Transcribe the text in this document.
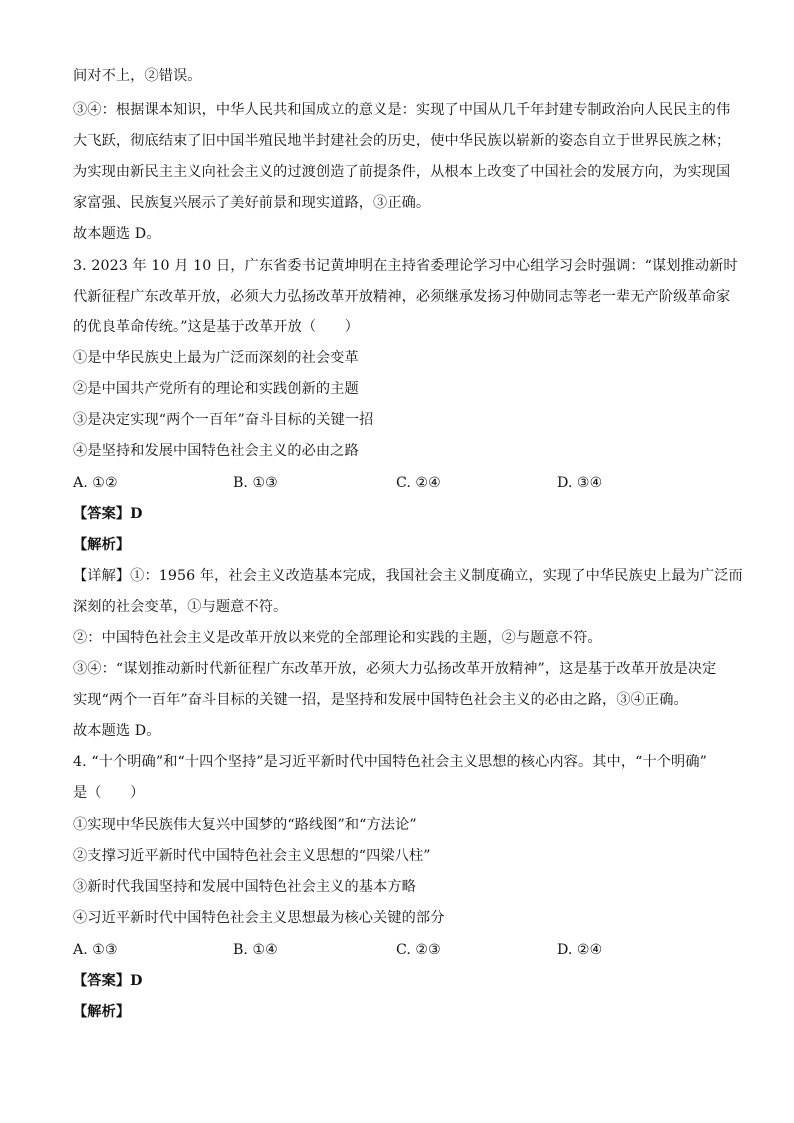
间对不上，②错误。
③④：根据课本知识，中华人民共和国成立的意义是：实现了中国从几千年封建专制政治向人民民主的伟
大飞跃，彻底结束了旧中国半殖民地半封建社会的历史，使中华民族以崭新的姿态自立于世界民族之林；
为实现由新民主主义向社会主义的过渡创造了前提条件，从根本上改变了中国社会的发展方向，为实现国
家富强、民族复兴展示了美好前景和现实道路，③正确。
故本题选 D。
3. 2023 年 10 月 10 日，广东省委书记黄坤明在主持省委理论学习中心组学习会时强调：“谋划推动新时
代新征程广东改革开放，必须大力弘扬改革开放精神，必须继承发扬习仲勋同志等老一辈无产阶级革命家
的优良革命传统。”这是基于改革开放（　　）
①是中华民族史上最为广泛而深刻的社会变革
②是中国共产党所有的理论和实践创新的主题
③是决定实现“两个一百年”奋斗目标的关键一招
④是坚持和发展中国特色社会主义的必由之路
A. ①②	B. ①③	C. ②④	D. ③④
【答案】D
【解析】
【详解】①：1956 年，社会主义改造基本完成，我国社会主义制度确立，实现了中华民族史上最为广泛而
深刻的社会变革，①与题意不符。
②：中国特色社会主义是改革开放以来党的全部理论和实践的主题，②与题意不符。
③④：“谋划推动新时代新征程广东改革开放，必须大力弘扬改革开放精神”，这是基于改革开放是决定
实现“两个一百年”奋斗目标的关键一招，是坚持和发展中国特色社会主义的必由之路，③④正确。
故本题选 D。
4. “十个明确”和“十四个坚持”是习近平新时代中国特色社会主义思想的核心内容。其中，“十个明确”
是（　　）
①实现中华民族伟大复兴中国梦的“路线图”和“方法论”
②支撑习近平新时代中国特色社会主义思想的“四梁八柱”
③新时代我国坚持和发展中国特色社会主义的基本方略
④习近平新时代中国特色社会主义思想最为核心关键的部分
A. ①③	B. ①④	C. ②③	D. ②④
【答案】D
【解析】
